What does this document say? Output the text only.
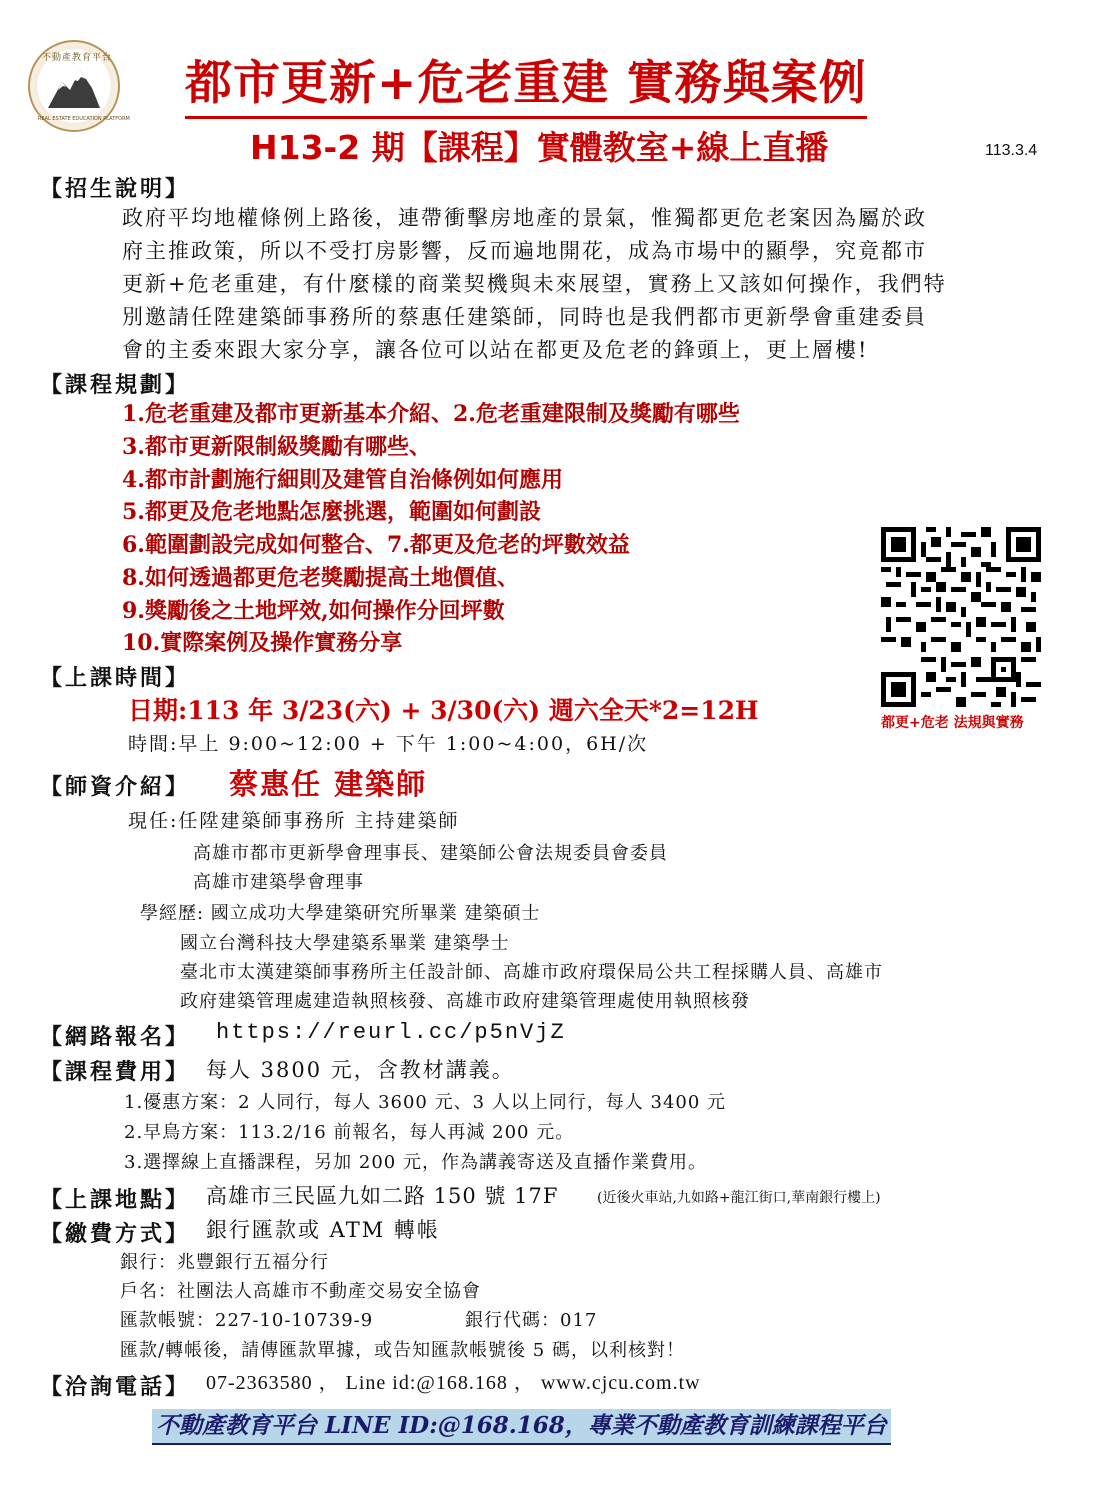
不動產教育平台
REAL ESTATE EDUCATION PLATFORM
都市更新+危老重建 實務與案例
H13-2 期【課程】實體教室+線上直播	113.3.4
【招生說明】
政府平均地權條例上路後，連帶衝擊房地產的景氣，惟獨都更危老案因為屬於政
府主推政策，所以不受打房影響，反而遍地開花，成為市場中的顯學，究竟都市
更新+危老重建，有什麼樣的商業契機與未來展望，實務上又該如何操作，我們特
別邀請任陞建築師事務所的蔡惠任建築師，同時也是我們都市更新學會重建委員
會的主委來跟大家分享，讓各位可以站在都更及危老的鋒頭上，更上層樓!
【課程規劃】
1.危老重建及都市更新基本介紹、2.危老重建限制及獎勵有哪些
3.都市更新限制級獎勵有哪些、
4.都市計劃施行細則及建管自治條例如何應用
5.都更及危老地點怎麼挑選，範圍如何劃設
6.範圍劃設完成如何整合、7.都更及危老的坪數效益
8.如何透過都更危老獎勵提高土地價值、
9.獎勵後之土地坪效,如何操作分回坪數
10.實際案例及操作實務分享
都更+危老 法規與實務
【上課時間】
日期:113 年 3/23(六) + 3/30(六) 週六全天*2=12H
時間:早上 9:00~12:00 + 下午 1:00~4:00，6H/次
【師資介紹】 蔡惠任 建築師
現任:任陞建築師事務所 主持建築師
高雄市都市更新學會理事長、建築師公會法規委員會委員
高雄市建築學會理事
學經歷: 國立成功大學建築研究所畢業 建築碩士
國立台灣科技大學建築系畢業 建築學士
臺北市太漢建築師事務所主任設計師、高雄市政府環保局公共工程採購人員、高雄市
政府建築管理處建造執照核發、高雄市政府建築管理處使用執照核發
【網路報名】 https://reurl.cc/p5nVjZ
【課程費用】 每人 3800 元，含教材講義。
1.優惠方案：2 人同行，每人 3600 元、3 人以上同行，每人 3400 元
2.早鳥方案：113.2/16 前報名，每人再減 200 元。
3.選擇線上直播課程，另加 200 元，作為講義寄送及直播作業費用。
【上課地點】 高雄市三民區九如二路 150 號 17F	(近後火車站,九如路+龍江街口,華南銀行樓上)
【繳費方式】 銀行匯款或 ATM 轉帳
銀行：兆豐銀行五福分行
戶名：社團法人高雄市不動產交易安全協會
匯款帳號：227-10-10739-9	銀行代碼：017
匯款/轉帳後，請傳匯款單據，或告知匯款帳號後 5 碼，以利核對！
【洽詢電話】 07-2363580 ， Line id:@168.168 ， www.cjcu.com.tw
不動產教育平台 LINE ID:@168.168，專業不動產教育訓練課程平台
